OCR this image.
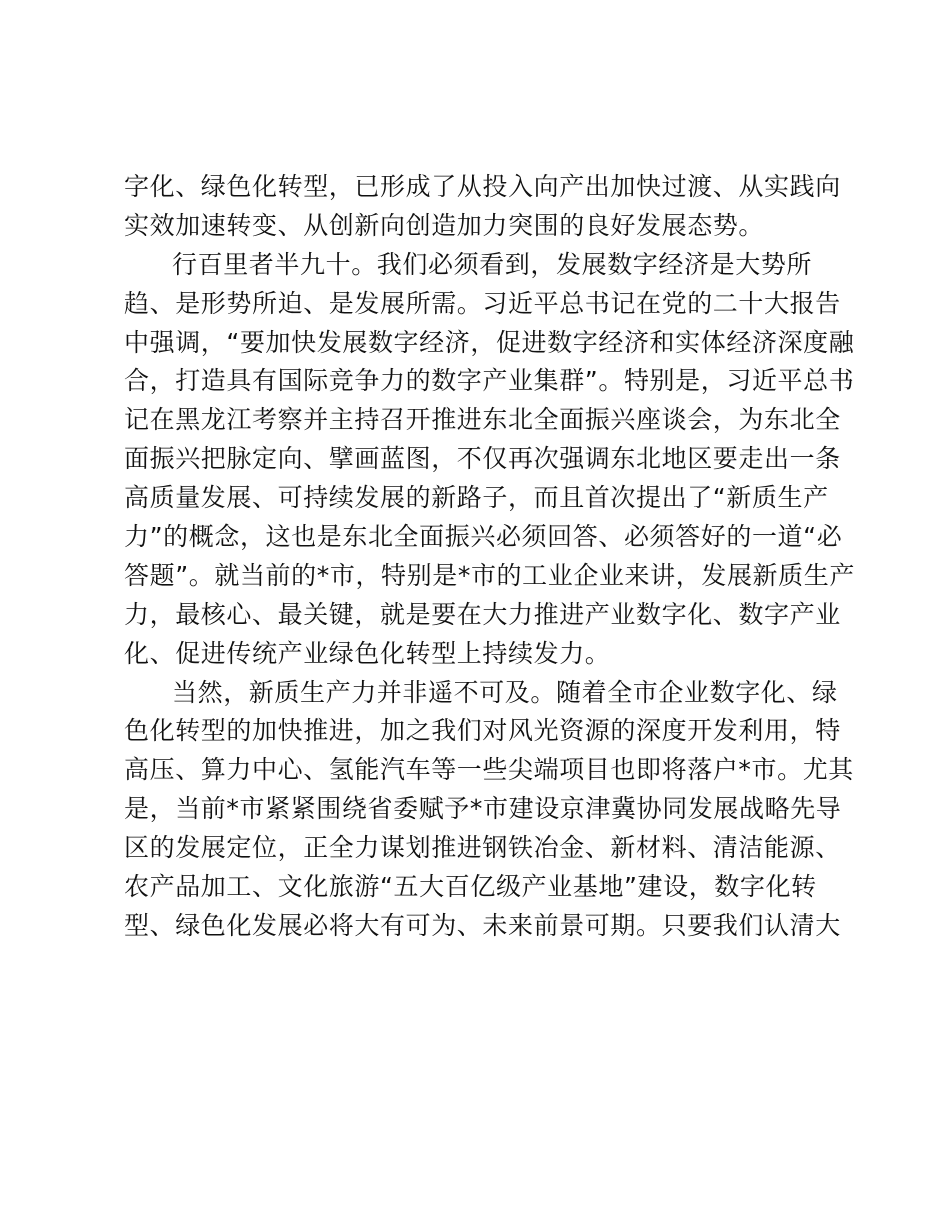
字化、绿色化转型，已形成了从投入向产出加快过渡、从实践向
实效加速转变、从创新向创造加力突围的良好发展态势。
行百里者半九十。我们必须看到，发展数字经济是大势所
趋、是形势所迫、是发展所需。习近平总书记在党的二十大报告
中强调，“要加快发展数字经济，促进数字经济和实体经济深度融
合，打造具有国际竞争力的数字产业集群”。特别是，习近平总书
记在黑龙江考察并主持召开推进东北全面振兴座谈会，为东北全
面振兴把脉定向、擘画蓝图，不仅再次强调东北地区要走出一条
高质量发展、可持续发展的新路子，而且首次提出了“新质生产
力”的概念，这也是东北全面振兴必须回答、必须答好的一道“必
答题”。就当前的*市，特别是*市的工业企业来讲，发展新质生产
力，最核心、最关键，就是要在大力推进产业数字化、数字产业
化、促进传统产业绿色化转型上持续发力。
当然，新质生产力并非遥不可及。随着全市企业数字化、绿
色化转型的加快推进，加之我们对风光资源的深度开发利用，特
高压、算力中心、氢能汽车等一些尖端项目也即将落户*市。尤其
是，当前*市紧紧围绕省委赋予*市建设京津冀协同发展战略先导
区的发展定位，正全力谋划推进钢铁冶金、新材料、清洁能源、
农产品加工、文化旅游“五大百亿级产业基地”建设，数字化转
型、绿色化发展必将大有可为、未来前景可期。只要我们认清大
